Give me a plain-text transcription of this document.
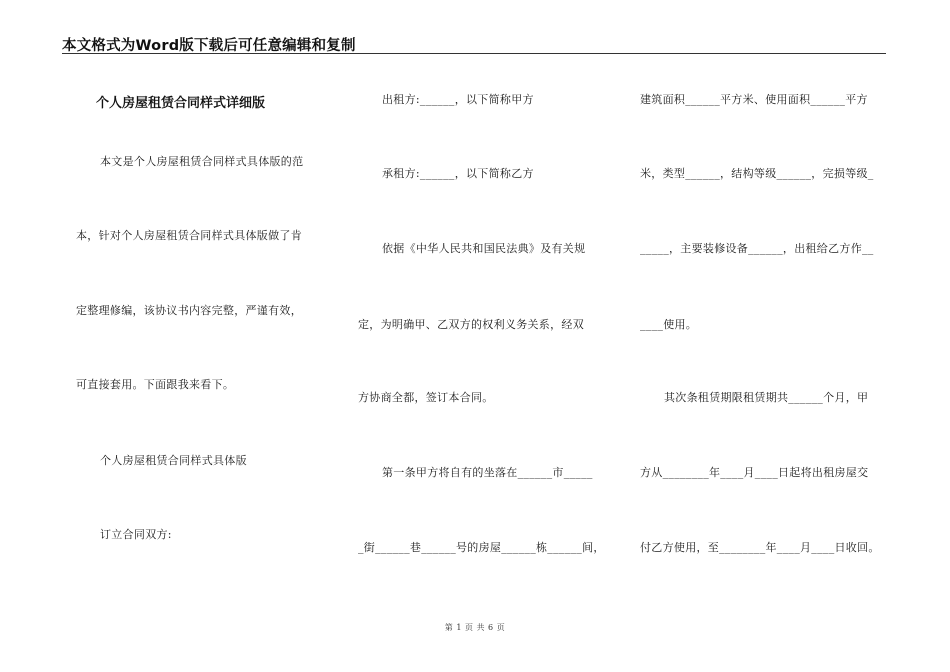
本文格式为Word版下载后可任意编辑和复制
个人房屋租赁合同样式详细版
本文是个人房屋租赁合同样式具体版的范
本，针对个人房屋租赁合同样式具体版做了肯
定整理修编，该协议书内容完整，严谨有效，
可直接套用。下面跟我来看下。
个人房屋租赁合同样式具体版
订立合同双方:
出租方:______，以下简称甲方
承租方:______，以下简称乙方
依据《中华人民共和国民法典》及有关规
定，为明确甲、乙双方的权利义务关系，经双
方协商全都，签订本合同。
第一条甲方将自有的坐落在______市_____
_街______巷______号的房屋______栋______间，
建筑面积______平方米、使用面积______平方
米，类型______，结构等级______，完损等级_
_____，主要装修设备______，出租给乙方作__
____使用。
其次条租赁期限租赁期共______个月，甲
方从________年____月____日起将出租房屋交
付乙方使用，至________年____月____日收回。
第 1 页 共 6 页
